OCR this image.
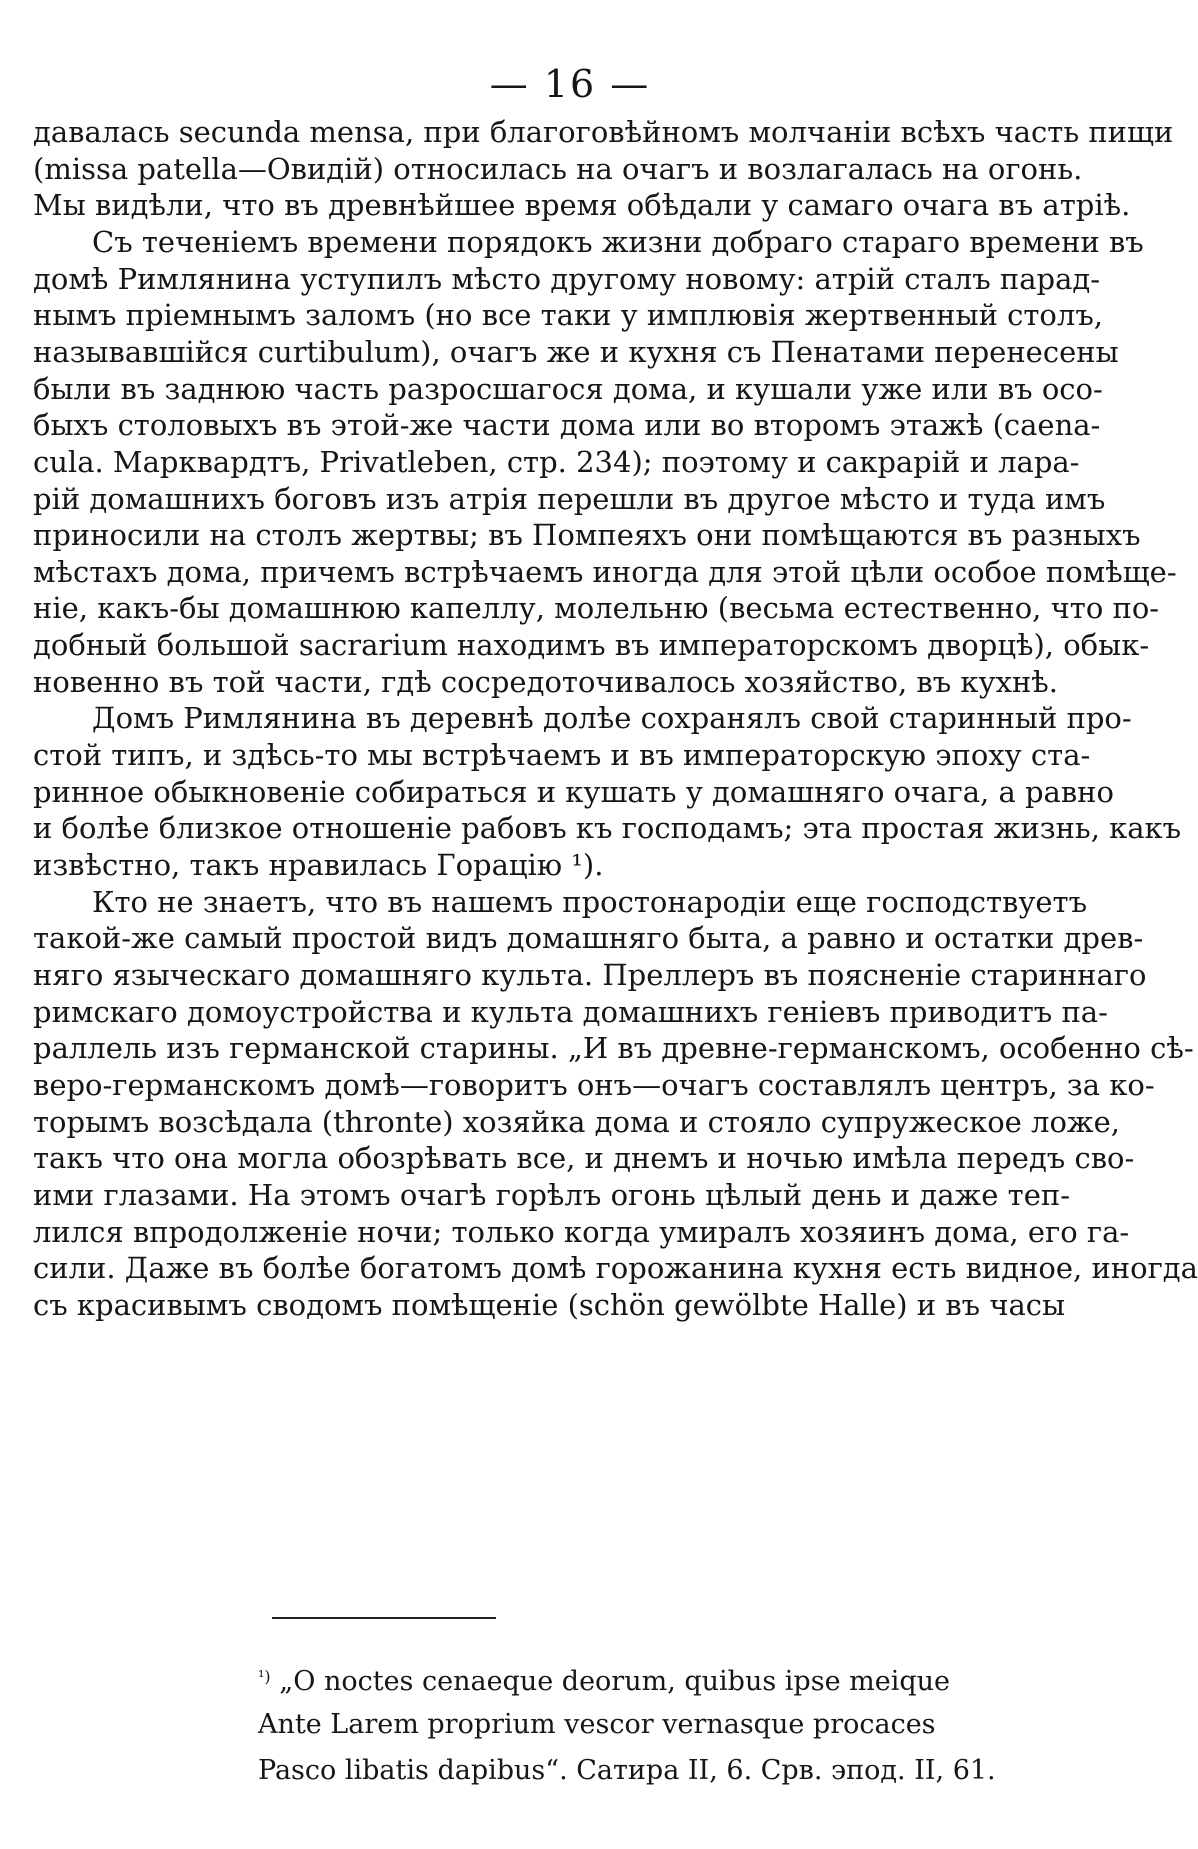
— 16 —
давалась secunda mensa, при благоговѣйномъ молчаніи всѣхъ часть пищи
(missa patella—Овидій) относилась на очагъ и возлагалась на огонь.
Мы видѣли, что въ древнѣйшее время обѣдали у самаго очага въ атріѣ.
Съ теченіемъ времени порядокъ жизни добраго стараго времени въ
домѣ Римлянина уступилъ мѣсто другому новому: атрій сталъ парад-
нымъ пріемнымъ заломъ (но все таки у имплювія жертвенный столъ,
называвшійся curtibulum), очагъ же и кухня съ Пенатами перенесены
были въ заднюю часть разросшагося дома, и кушали уже или въ осо-
быхъ столовыхъ въ этой-же части дома или во второмъ этажѣ (caena-
cula. Марквардтъ, Privatleben, стр. 234); поэтому и сакрарій и лара-
рій домашнихъ боговъ изъ атрія перешли въ другое мѣсто и туда имъ
приносили на столъ жертвы; въ Помпеяхъ они помѣщаются въ разныхъ
мѣстахъ дома, причемъ встрѣчаемъ иногда для этой цѣли особое помѣще-
ніе, какъ-бы домашнюю капеллу, молельню (весьма естественно, что по-
добный большой sacrarium находимъ въ императорскомъ дворцѣ), обык-
новенно въ той части, гдѣ сосредоточивалось хозяйство, въ кухнѣ.
Домъ Римлянина въ деревнѣ долѣе сохранялъ свой старинный про-
стой типъ, и здѣсь-то мы встрѣчаемъ и въ императорскую эпоху ста-
ринное обыкновеніе собираться и кушать у домашняго очага, а равно
и болѣе близкое отношеніе рабовъ къ господамъ; эта простая жизнь, какъ
извѣстно, такъ нравилась Горацію ¹).
Кто не знаетъ, что въ нашемъ простонародіи еще господствуетъ
такой-же самый простой видъ домашняго быта, а равно и остатки древ-
няго языческаго домашняго культа. Преллеръ въ поясненіе стариннаго
римскаго домоустройства и культа домашнихъ геніевъ приводитъ па-
раллель изъ германской старины. „И въ древне-германскомъ, особенно сѣ-
веро-германскомъ домѣ—говоритъ онъ—очагъ составлялъ центръ, за ко-
торымъ возсѣдала (thronte) хозяйка дома и стояло супружеское ложе,
такъ что она могла обозрѣвать все, и днемъ и ночью имѣла передъ сво-
ими глазами. На этомъ очагѣ горѣлъ огонь цѣлый день и даже теп-
лился впродолженіе ночи; только когда умиралъ хозяинъ дома, его га-
сили. Даже въ болѣе богатомъ домѣ горожанина кухня есть видное, иногда
съ красивымъ сводомъ помѣщеніе (schön gewölbte Halle) и въ часы
$^{^1)}$ „O noctes cenaeque deorum, quibus ipse meique
Ante Larem proprium vescor vernasque procaces
Pasco libatis dapibus“. Сатира II, 6. Срв. эпод. II, 61.
